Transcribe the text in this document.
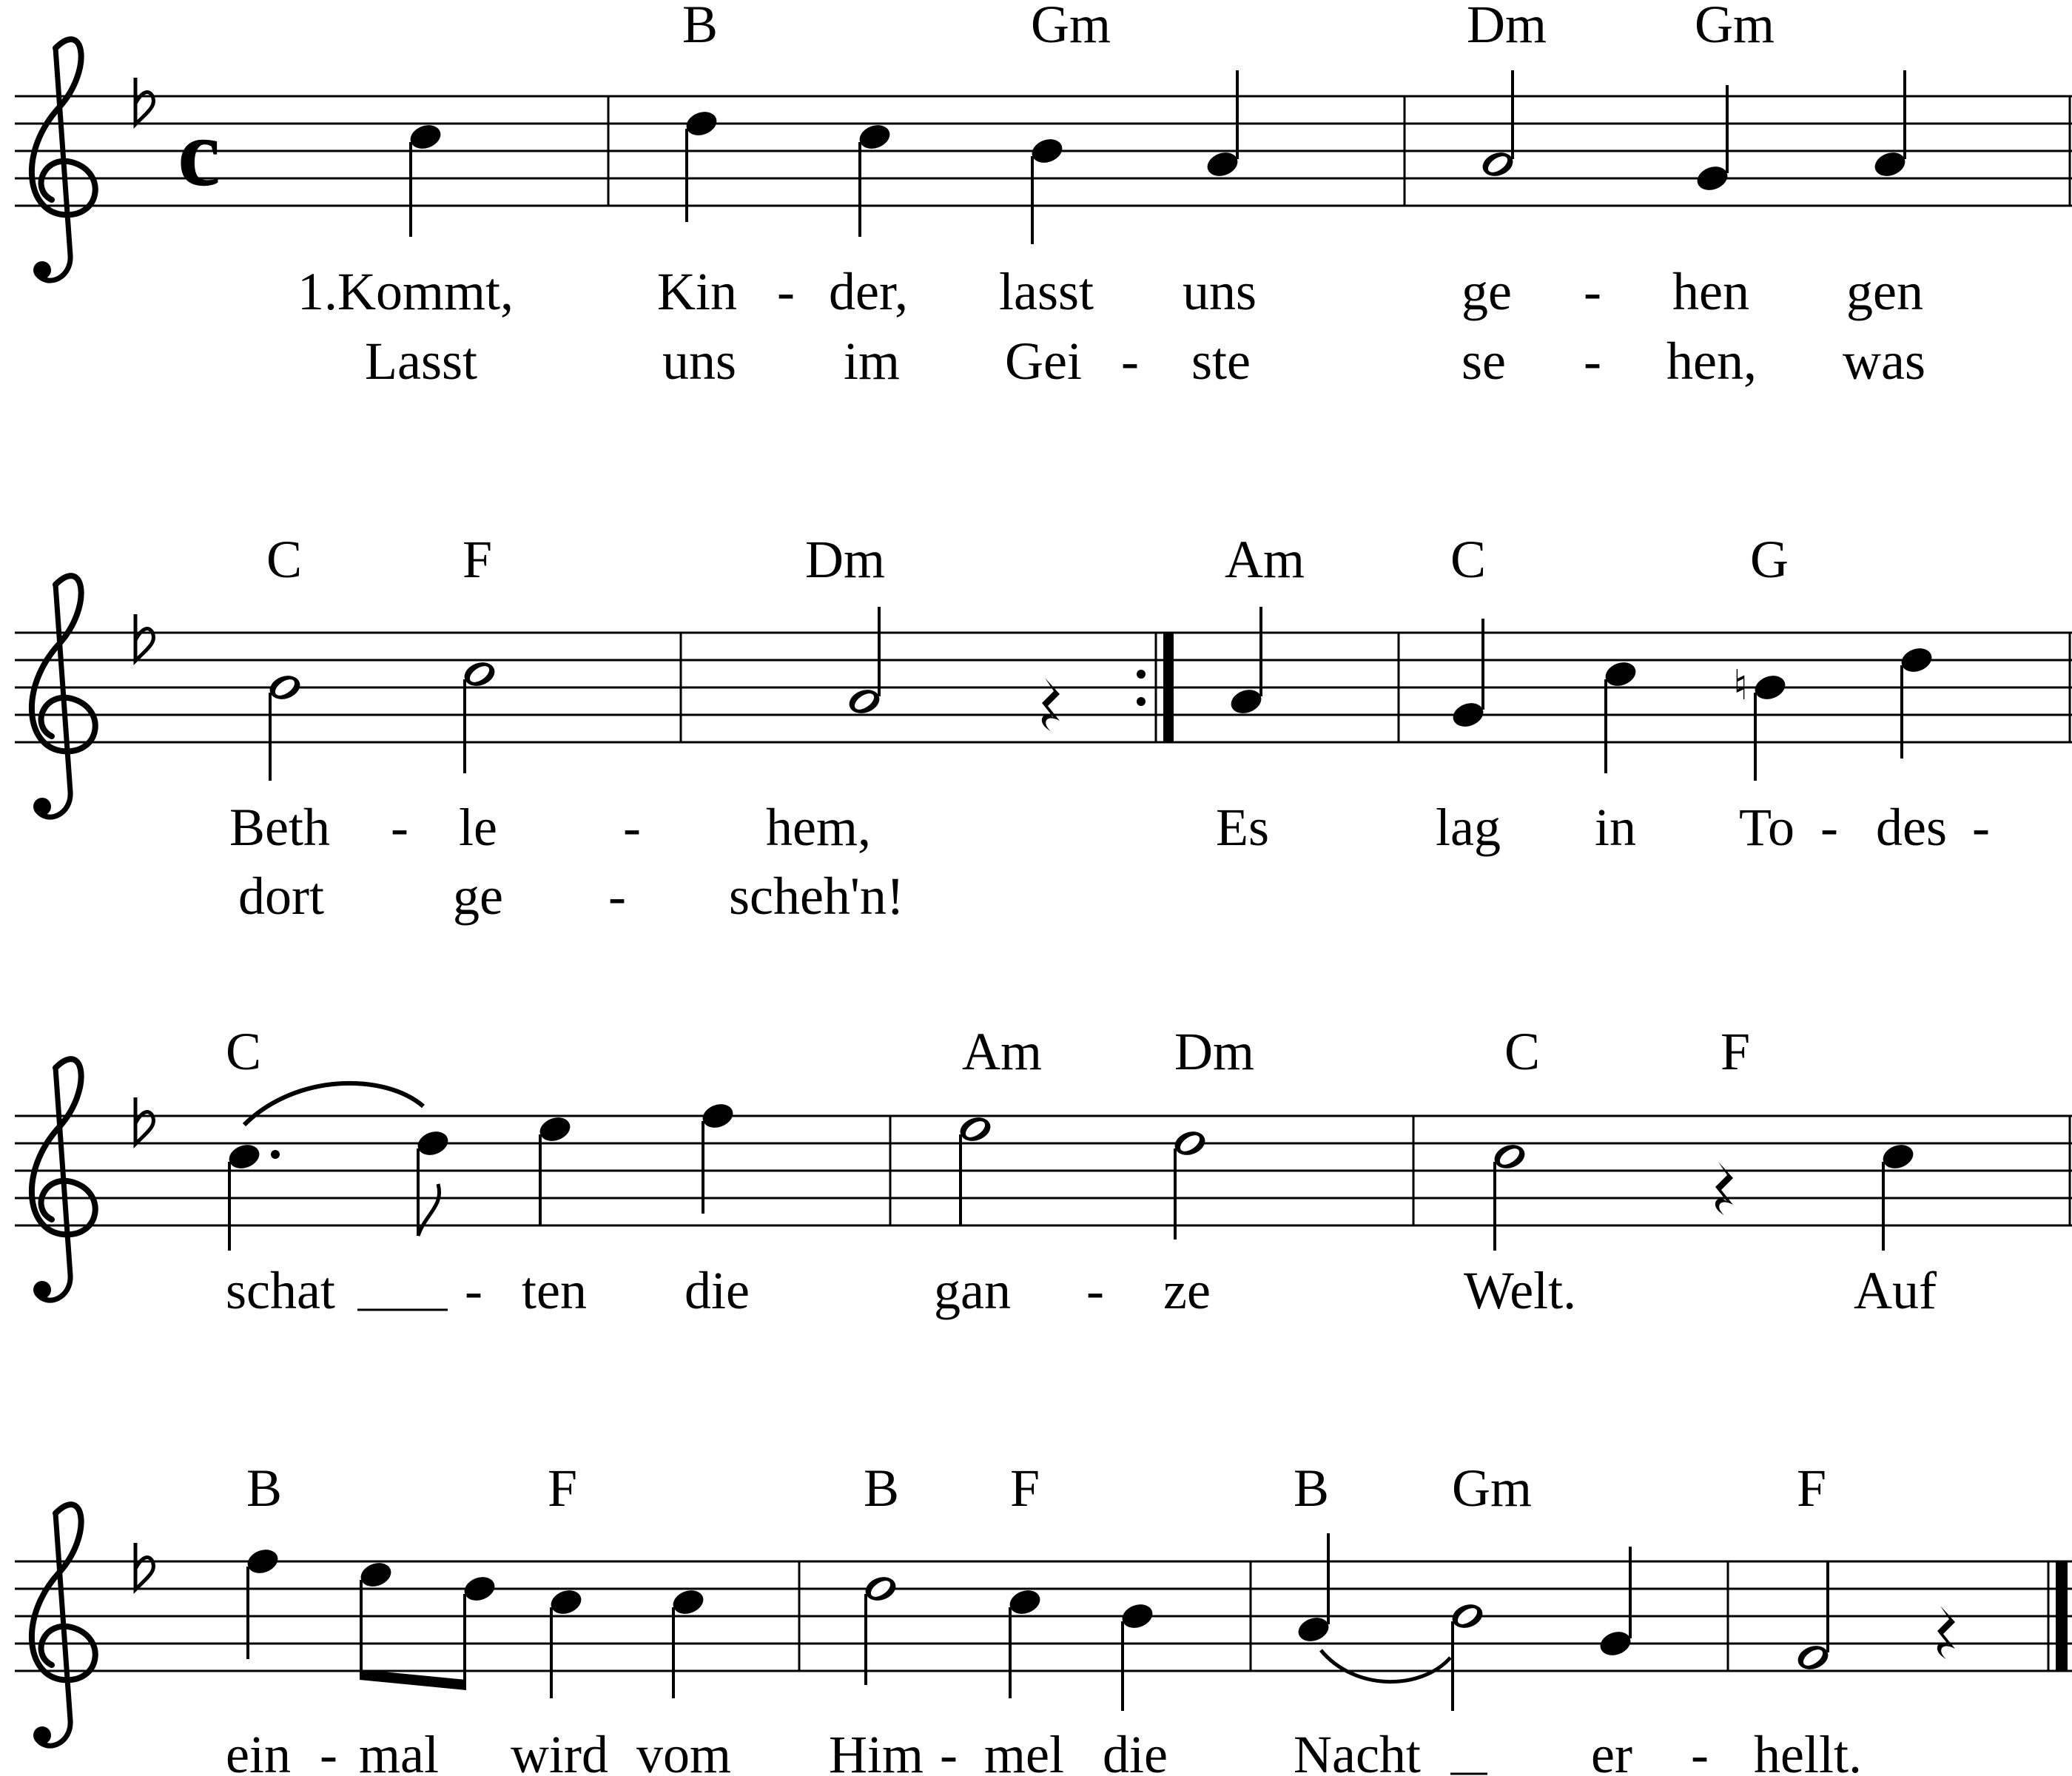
c
B	Gm	Dm	Gm
1.Kommt,	Kin - der, lasst uns	ge - hen gen
Lasst	uns im Gei - ste	se - hen, was
♮
C	F	Dm	Am	C	G
Beth - le - hem,	Es	lag in To - des -
dort ge - scheh'n!
C	Am Dm	C	F
schat - ten die	gan - ze	Welt.	Auf
B	F	B F	B Gm	F
ein - mal wird vom Him - mel die Nacht	er - hellt.
